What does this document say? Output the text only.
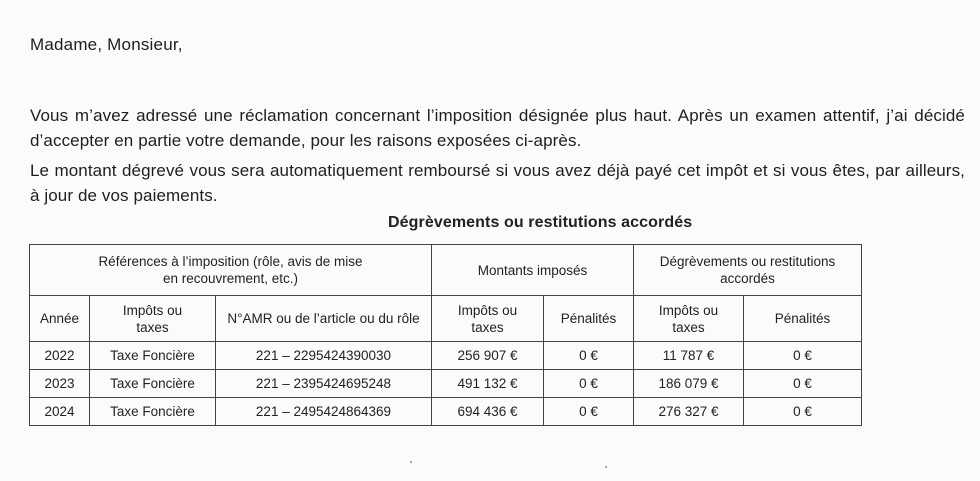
Madame, Monsieur,
Vous m’avez adressé une réclamation concernant l’imposition désignée plus haut. Après un examen attentif, j’ai décidé d’accepter en partie votre demande, pour les raisons exposées ci-après.
Le montant dégrevé vous sera automatiquement remboursé si vous avez déjà payé cet impôt et si vous êtes, par ailleurs, à jour de vos paiements.
Dégrèvements ou restitutions accordés
Références à l’imposition (rôle, avis de mise en recouvrement, etc.)			Montants imposés		Dégrèvements ou restitutions accordés	
Année	Impôts ou taxes	N°AMR ou de l’article ou du rôle	Impôts ou taxes	Pénalités	Impôts ou taxes	Pénalités
2022	Taxe Foncière	221 – 2295424390030	256 907 €	0 €	11 787 €	0 €
2023	Taxe Foncière	221 – 2395424695248	491 132 €	0 €	186 079 €	0 €
2024	Taxe Foncière	221 – 2495424864369	694 436 €	0 €	276 327 €	0 €
